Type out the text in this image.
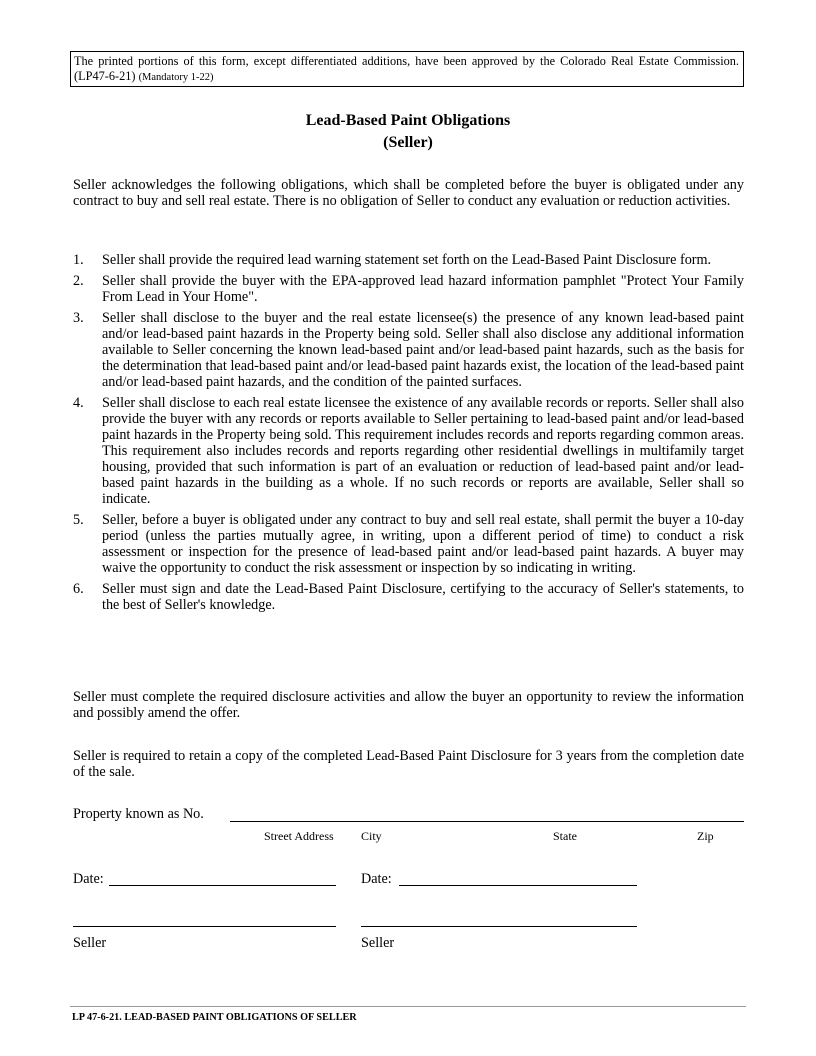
The printed portions of this form, except differentiated additions, have been approved by the Colorado Real Estate Commission. (LP47-6-21) (Mandatory 1-22)
Lead-Based Paint Obligations
(Seller)
Seller acknowledges the following obligations, which shall be completed before the buyer is obligated under any contract to buy and sell real estate. There is no obligation of Seller to conduct any evaluation or reduction activities.
1. Seller shall provide the required lead warning statement set forth on the Lead-Based Paint Disclosure form.
2. Seller shall provide the buyer with the EPA-approved lead hazard information pamphlet "Protect Your Family From Lead in Your Home".
3. Seller shall disclose to the buyer and the real estate licensee(s) the presence of any known lead-based paint and/or lead-based paint hazards in the Property being sold. Seller shall also disclose any additional information available to Seller concerning the known lead-based paint and/or lead-based paint hazards, such as the basis for the determination that lead-based paint and/or lead-based paint hazards exist, the location of the lead-based paint and/or lead-based paint hazards, and the condition of the painted surfaces.
4. Seller shall disclose to each real estate licensee the existence of any available records or reports. Seller shall also provide the buyer with any records or reports available to Seller pertaining to lead-based paint and/or lead-based paint hazards in the Property being sold. This requirement includes records and reports regarding common areas. This requirement also includes records and reports regarding other residential dwellings in multifamily target housing, provided that such information is part of an evaluation or reduction of lead-based paint and/or lead-based paint hazards in the building as a whole. If no such records or reports are available, Seller shall so indicate.
5. Seller, before a buyer is obligated under any contract to buy and sell real estate, shall permit the buyer a 10-day period (unless the parties mutually agree, in writing, upon a different period of time) to conduct a risk assessment or inspection for the presence of lead-based paint and/or lead-based paint hazards. A buyer may waive the opportunity to conduct the risk assessment or inspection by so indicating in writing.
6. Seller must sign and date the Lead-Based Paint Disclosure, certifying to the accuracy of Seller's statements, to the best of Seller's knowledge.
Seller must complete the required disclosure activities and allow the buyer an opportunity to review the information and possibly amend the offer.
Seller is required to retain a copy of the completed Lead-Based Paint Disclosure for 3 years from the completion date of the sale.
Property known as No.
Street Address City	State	Zip
Date:	Date:
Seller	Seller
LP 47-6-21. LEAD-BASED PAINT OBLIGATIONS OF SELLER
